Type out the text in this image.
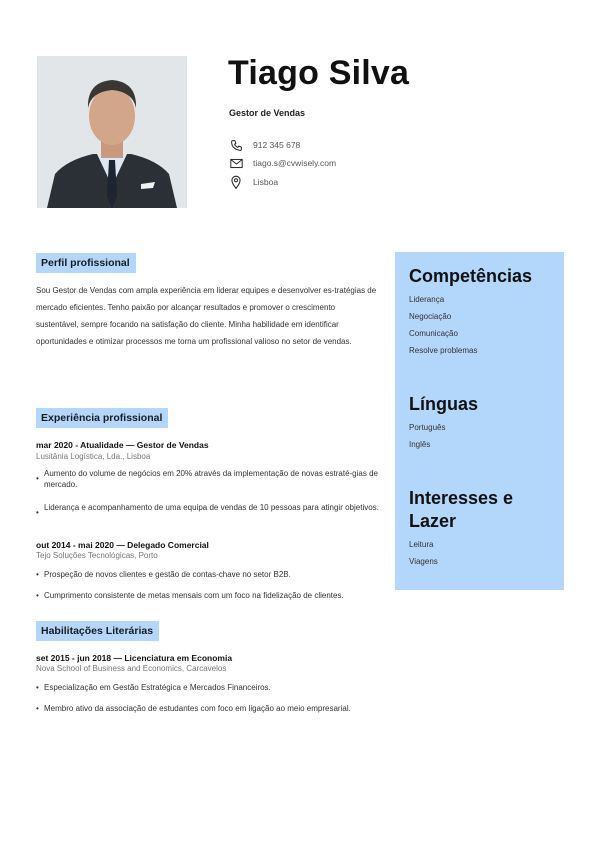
Tiago Silva
Gestor de Vendas
912 345 678
tiago.s@cvwisely.com
Lisboa
Perfil profissional

Sou Gestor de Vendas com ampla experiência em liderar equipes e desenvolver es-tratégias de mercado eficientes. Tenho paixão por alcançar resultados e promover o crescimento sustentável, sempre focando na satisfação do cliente. Minha habilidade em identificar oportunidades e otimizar processos me torna um profissional valioso no setor de vendas.

Experiência profissional
mar 2020 - Atualidade — Gestor de Vendas
Lusitânia Logística, Lda., Lisboa
•
Aumento do volume de negócios em 20% através da implementação de novas estraté-gias de mercado.
•
Liderança e acompanhamento de uma equipa de vendas de 10 pessoas para atingir objetivos.
out 2014 - mai 2020 — Delegado Comercial
Tejo Soluções Tecnológicas, Porto
• Prospeção de novos clientes e gestão de contas-chave no setor B2B.
• Cumprimento consistente de metas mensais com um foco na fidelização de clientes.
Habilitações Literárias
set 2015 - jun 2018 — Licenciatura em Economia
Nova School of Business and Economics, Carcavelos
• Especialização em Gestão Estratégica e Mercados Financeiros.
• Membro ativo da associação de estudantes com foco em ligação ao meio empresarial.
Competências
Liderança
Negociação
Comunicação
Resolve problemas
Línguas
Português
Inglês
Interesses e
Lazer
Leitura
Viagens
